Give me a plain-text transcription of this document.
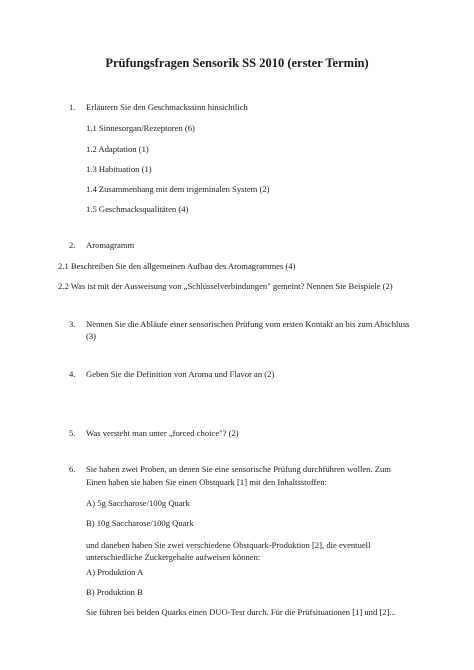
Prüfungsfragen Sensorik SS 2010 (erster Termin)
1. Erläutern Sie den Geschmackssinn hinsichtlich
1.1 Sinnesorgan/Rezeptoren (6)
1.2 Adaptation (1)
1.3 Habituation (1)
1.4 Zusammenhang mit dem trigeminalen System (2)
1.5 Geschmacksqualitäten (4)
2. Aromagramm
2.1 Beschreiben Sie den allgemeinen Aufbau des Aromagrammes (4)
2.2 Was ist mit der Ausweisung von „Schlüsselverbindungen" gemeint? Nennen Sie Beispiele (2)
3. Nennen Sie die Abläufe einer sensorischen Prüfung vom ersten Kontakt an bis zum Abschluss
(3)
4. Geben Sie die Definition von Aroma und Flavor an (2)
5. Was versteht man unter „forced choice"? (2)
6. Sie haben zwei Proben, an denen Sie eine sensorische Prüfung durchführen wollen. Zum
Einen haben sie haben Sie einen Obstquark [1] mit den Inhaltsstoffen:
A) 5g Saccharose/100g Quark
B) 10g Saccharose/100g Quark
und daneben haben Sie zwei verschiedene Obstquark-Produktion [2], die eventuell
unterschiedliche Zuckergehalte aufweisen können:
A) Produktion A
B) Produktion B
Sie führen bei beiden Quarks einen DUO-Test durch. Für die Prüfsituationen [1] und [2]...
